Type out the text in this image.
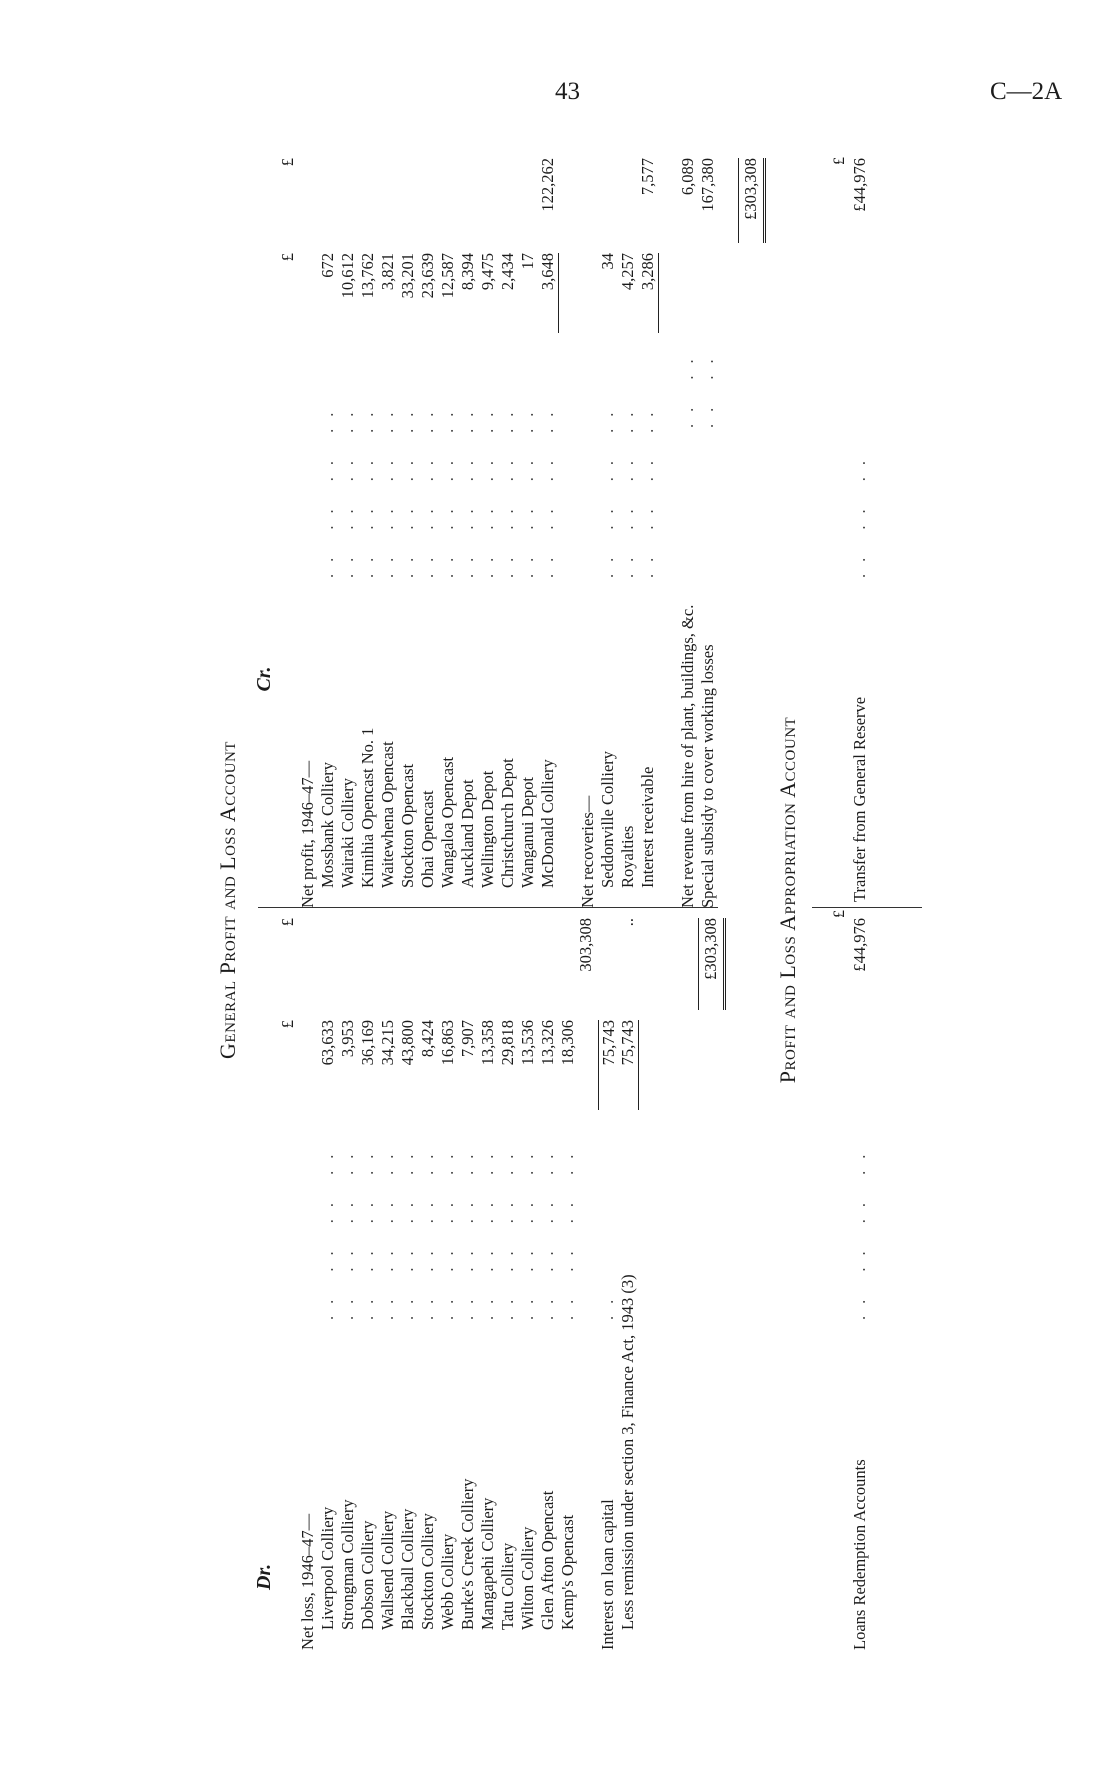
43	C—2A
General Profit and Loss Account
Dr.
£
£
Net loss, 1946–47— Liverpool Colliery
.. .. .. ..
63,633
Strongman Colliery
.. .. .. ..
3,953
Dobson Colliery
.. .. .. ..
36,169
Wallsend Colliery
.. .. .. ..
34,215
Blackball Colliery
.. .. .. ..
43,800
Stockton Colliery
.. .. .. ..
8,424
Webb Colliery
.. .. .. ..
16,863
Burke's Creek Colliery
.. .. .. ..
7,907
Mangapehi Colliery
.. .. .. ..
13,358
Tatu Colliery
.. .. .. ..
29,818
Wilton Colliery
.. .. .. ..
13,536
Glen Afton Opencast
.. .. .. ..
13,326
Kemp's Opencast
.. .. .. ..
18,306
Interest on loan capital
..
75,743
303,308
Less remission under section 3, Finance Act, 1943 (3)
75,743
..	£303,308
Cr.
£
£
Net profit, 1946–47— Mossbank Colliery
.. .. .. ..
672
Wairaki Colliery
.. .. .. ..
10,612
Kimihia Opencast No. 1
.. .. .. ..
13,762
Waitewhena Opencast
.. .. .. ..
3,821
Stockton Opencast
.. .. .. ..
33,201
Ohai Opencast
.. .. .. ..
23,639
Wangaloa Opencast
.. .. .. ..
12,587
Auckland Depot
.. .. .. ..
8,394
Wellington Depot
.. .. .. ..
9,475
Christchurch Depot
.. .. .. ..
2,434
Wanganui Depot
.. .. .. ..
17
McDonald Colliery
.. .. .. ..
3,648

122,262
Net recoveries— Seddonville Colliery
.. .. .. ..
34
Royalties
.. .. .. ..
4,257
Interest receivable
.. .. .. ..
3,286

7,577
Net revenue from hire of plant, buildings, &c.
.. ..
6,089
Special subsidy to cover working losses
.. ..
167,380 £303,308
Profit and Loss Appropriation Account £
£
Loans Redemption Accounts
.. .. .. ..
£44,976
Transfer from General Reserve
.. .. ..
£44,976
